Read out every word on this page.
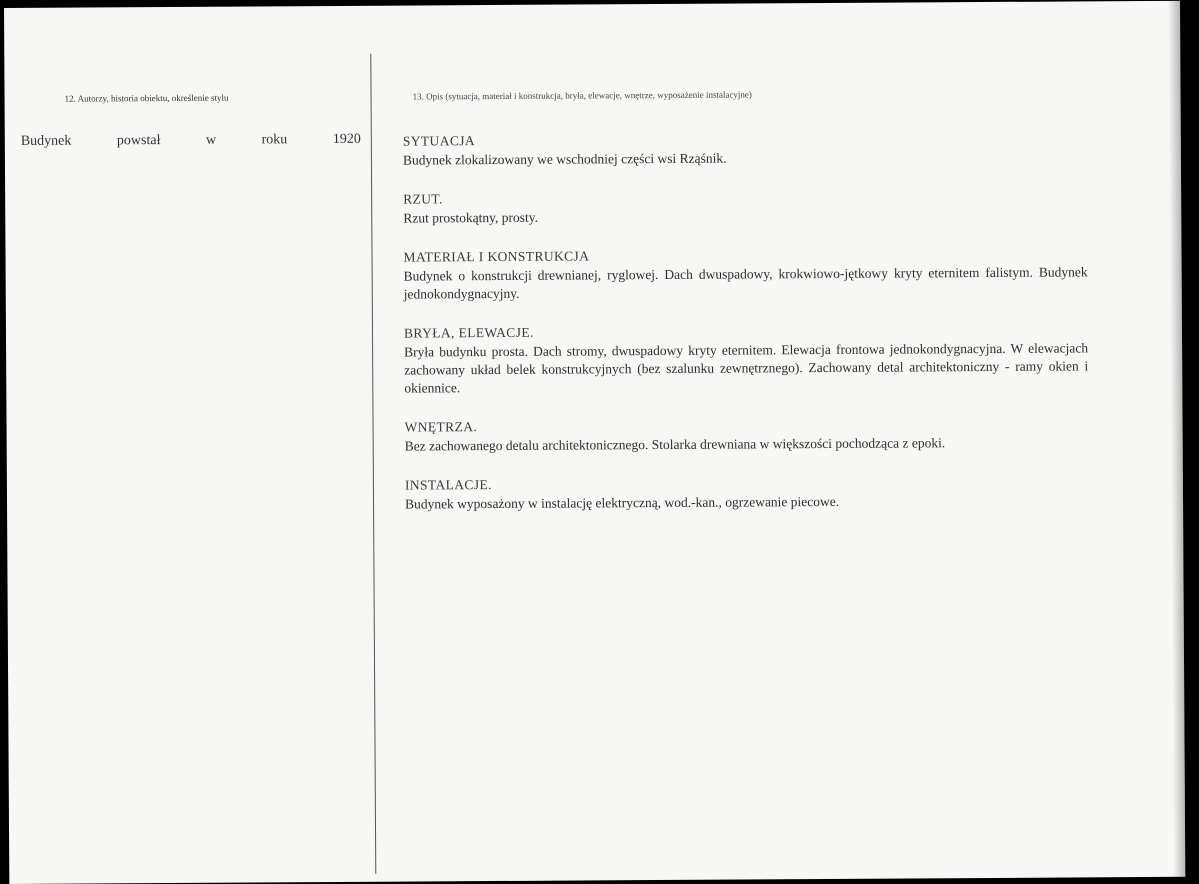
12. Autorzy, historia obiektu, określenie stylu
Budynek	powstał	w	roku	1920
13. Opis (sytuacja, materiał i konstrukcja, bryła, elewacje, wnętrze, wyposażenie instalacyjne)
SYTUACJA
Budynek zlokalizowany we wschodniej części wsi Rząśnik.
RZUT.
Rzut prostokątny, prosty.
MATERIAŁ I KONSTRUKCJA
Budynek o konstrukcji drewnianej, ryglowej. Dach dwuspadowy, krokwiowo-jętkowy kryty eternitem falistym. Budynek jednokondygnacyjny.
BRYŁA, ELEWACJE.
Bryła budynku prosta. Dach stromy, dwuspadowy kryty eternitem. Elewacja frontowa jednokondygnacyjna. W elewacjach zachowany układ belek konstrukcyjnych (bez szalunku zewnętrznego). Zachowany detal architektoniczny - ramy okien i okiennice.
WNĘTRZA.
Bez zachowanego detalu architektonicznego. Stolarka drewniana w większości pochodząca z epoki.
INSTALACJE.
Budynek wyposażony w instalację elektryczną, wod.-kan., ogrzewanie piecowe.
